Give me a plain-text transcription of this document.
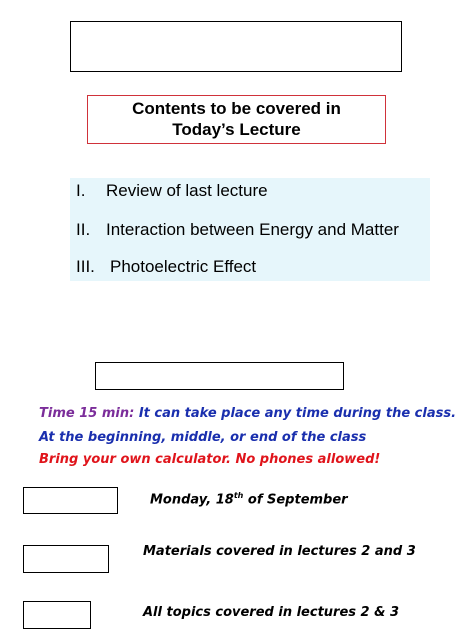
Contents to be covered in
Today’s Lecture
I. Review of last lecture
II. Interaction between Energy and Matter
III. Photoelectric Effect
Time 15 min: It can take place any time during the class. At the beginning, middle, or end of the class
Bring your own calculator. No phones allowed!
Monday, 18th of September
Materials covered in lectures 2 and 3
All topics covered in lectures 2 & 3
